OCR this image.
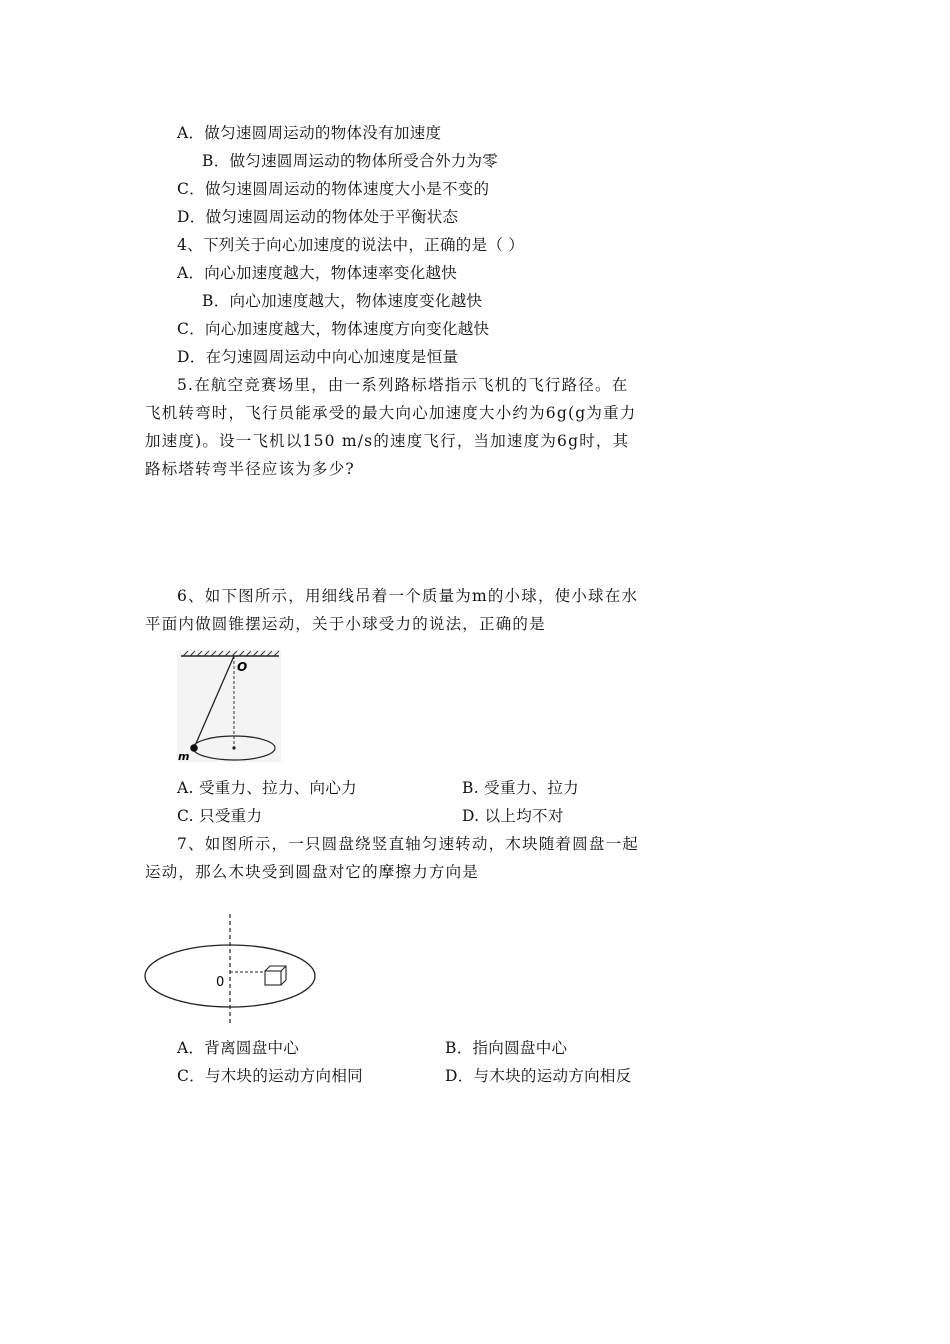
A．做匀速圆周运动的物体没有加速度
B．做匀速圆周运动的物体所受合外力为零
C．做匀速圆周运动的物体速度大小是不变的
D．做匀速圆周运动的物体处于平衡状态
4、下列关于向心加速度的说法中，正确的是（ ）
A．向心加速度越大，物体速率变化越快
B．向心加速度越大，物体速度变化越快
C．向心加速度越大，物体速度方向变化越快
D．在匀速圆周运动中向心加速度是恒量
5.在航空竞赛场里，由一系列路标塔指示飞机的飞行路径。在
飞机转弯时，飞行员能承受的最大向心加速度大小约为6g(g为重力
加速度)。设一飞机以150 m/s的速度飞行，当加速度为6g时，其
路标塔转弯半径应该为多少?
6、如下图所示，用细线吊着一个质量为m的小球，使小球在水
平面内做圆锥摆运动，关于小球受力的说法，正确的是
O
m
A. 受重力、拉力、向心力	B. 受重力、拉力
C. 只受重力	D. 以上均不对
7、如图所示，一只圆盘绕竖直轴匀速转动，木块随着圆盘一起
运动，那么木块受到圆盘对它的摩擦力方向是
0
A．背离圆盘中心	B．指向圆盘中心
C．与木块的运动方向相同	D．与木块的运动方向相反
